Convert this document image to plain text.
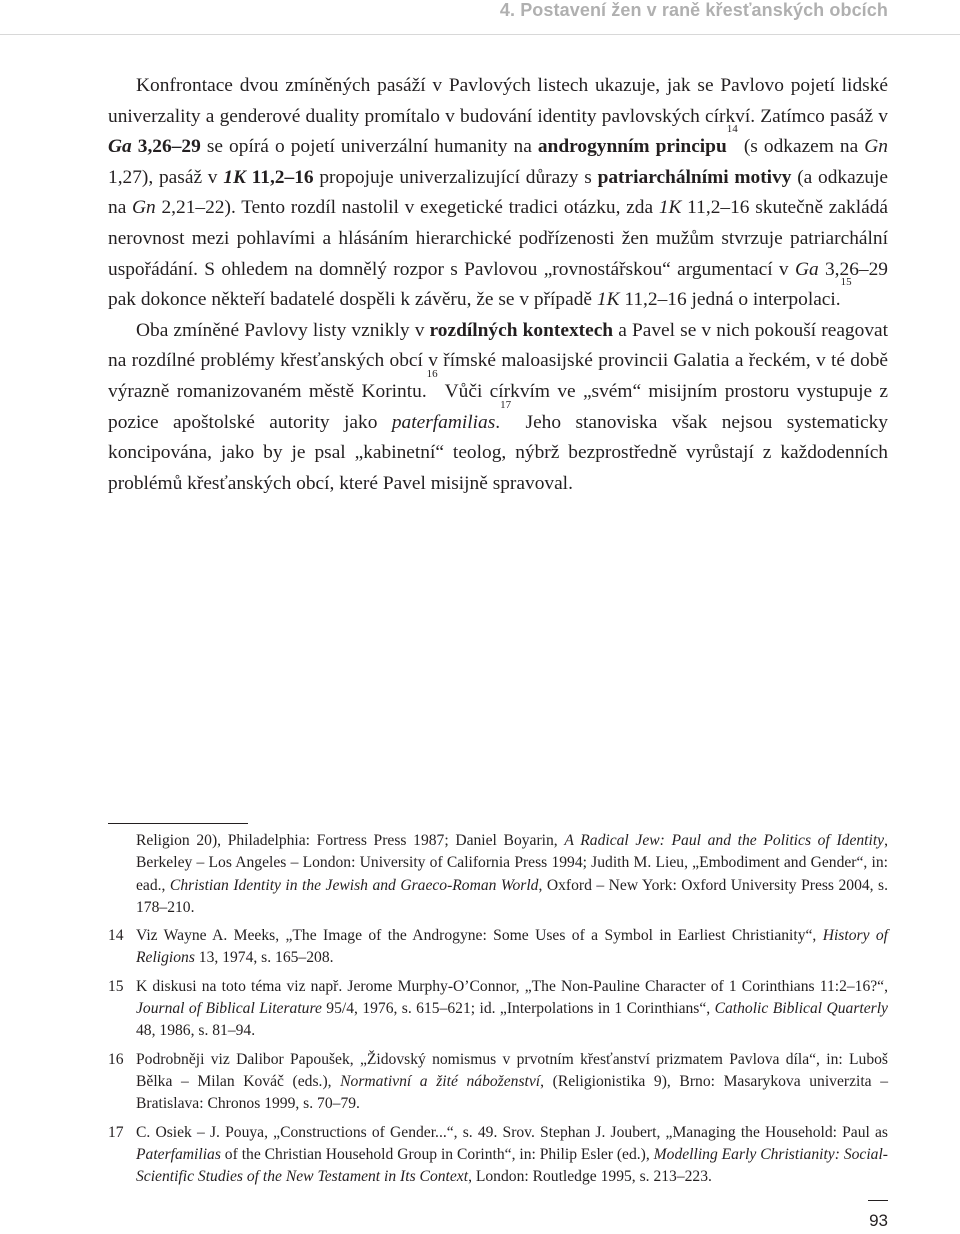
4. Postavení žen v raně křesťanských obcích

Konfrontace dvou zmíněných pasáží v Pavlových listech ukazuje, jak se Pavlovo pojetí lidské univerzality a genderové duality promítalo v budování identity pavlovských církví. Zatímco pasáž v Ga 3,26–29 se opírá o pojetí univerzální humanity na androgynním principu$^{14}$ (s odkazem na Gn 1,27), pasáž v 1K 11,2–16 propojuje univerzalizující důrazy s patriarchálními motivy (a odkazuje na Gn 2,21–22). Tento rozdíl nastolil v exegetické tradici otázku, zda 1K 11,2–16 skutečně zakládá nerovnost mezi pohlavími a hlásáním hierarchické podřízenosti žen mužům stvrzuje patriarchální uspořádání. S ohledem na domnělý rozpor s Pavlovou „rovnostářskou“ argumentací v Ga 3,26–29 pak dokonce někteří badatelé dospěli k závěru, že se v případě 1K 11,2–16 jedná o interpolaci.$^{15}$

Oba zmíněné Pavlovy listy vznikly v rozdílných kontextech a Pavel se v nich pokouší reagovat na rozdílné problémy křesťanských obcí v římské maloasijské provincii Galatia a řeckém, v té době výrazně romanizovaném městě Korintu.$^{16}$ Vůči církvím ve „svém“ misijním prostoru vystupuje z pozice apoštolské autority jako paterfamilias.$^{17}$ Jeho stanoviska však nejsou systematicky koncipována, jako by je psal „kabinetní“ teolog, nýbrž bezprostředně vyrůstají z každodenních problémů křesťanských obcí, které Pavel misijně spravoval.

Religion 20), Philadelphia: Fortress Press 1987; Daniel Boyarin, A Radical Jew: Paul and the Politics of Identity, Berkeley – Los Angeles – London: University of California Press 1994; Judith M. Lieu, „Embodiment and Gender“, in: ead., Christian Identity in the Jewish and Graeco-Roman World, Oxford – New York: Oxford University Press 2004, s. 178–210.
14 Viz Wayne A. Meeks, „The Image of the Androgyne: Some Uses of a Symbol in Earliest Christianity“, History of Religions 13, 1974, s. 165–208.
15 K diskusi na toto téma viz např. Jerome Murphy-O’Connor, „The Non-Pauline Character of 1 Corinthians 11:2–16?“, Journal of Biblical Literature 95/4, 1976, s. 615–621; id. „Interpolations in 1 Corinthians“, Catholic Biblical Quarterly 48, 1986, s. 81–94.
16 Podrobněji viz Dalibor Papoušek, „Židovský nomismus v prvotním křesťanství prizmatem Pavlova díla“, in: Luboš Bělka – Milan Kováč (eds.), Normativní a žité náboženství, (Religionistika 9), Brno: Masarykova univerzita – Bratislava: Chronos 1999, s. 70–79.
17 C. Osiek – J. Pouya, „Constructions of Gender...“, s. 49. Srov. Stephan J. Joubert, „Managing the Household: Paul as Paterfamilias of the Christian Household Group in Corinth“, in: Philip Esler (ed.), Modelling Early Christianity: Social-Scientific Studies of the New Testament in Its Context, London: Routledge 1995, s. 213–223.
93
